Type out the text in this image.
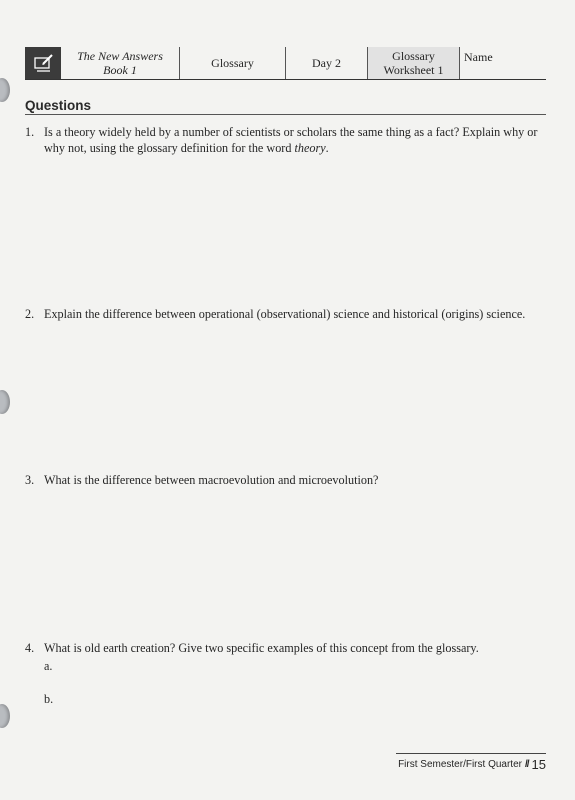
The New Answers
Book 1	Glossary	Day 2	Glossary
Worksheet 1
Name
Questions
1. Is a theory widely held by a number of scientists or scholars the same thing as a fact? Explain why or why not, using the glossary definition for the word theory.
2. Explain the difference between operational (observational) science and historical (origins) science.
3. What is the difference between macroevolution and microevolution?
4. What is old earth creation? Give two specific examples of this concept from the glossary.
a.
b.
First Semester/First Quarter // 15
